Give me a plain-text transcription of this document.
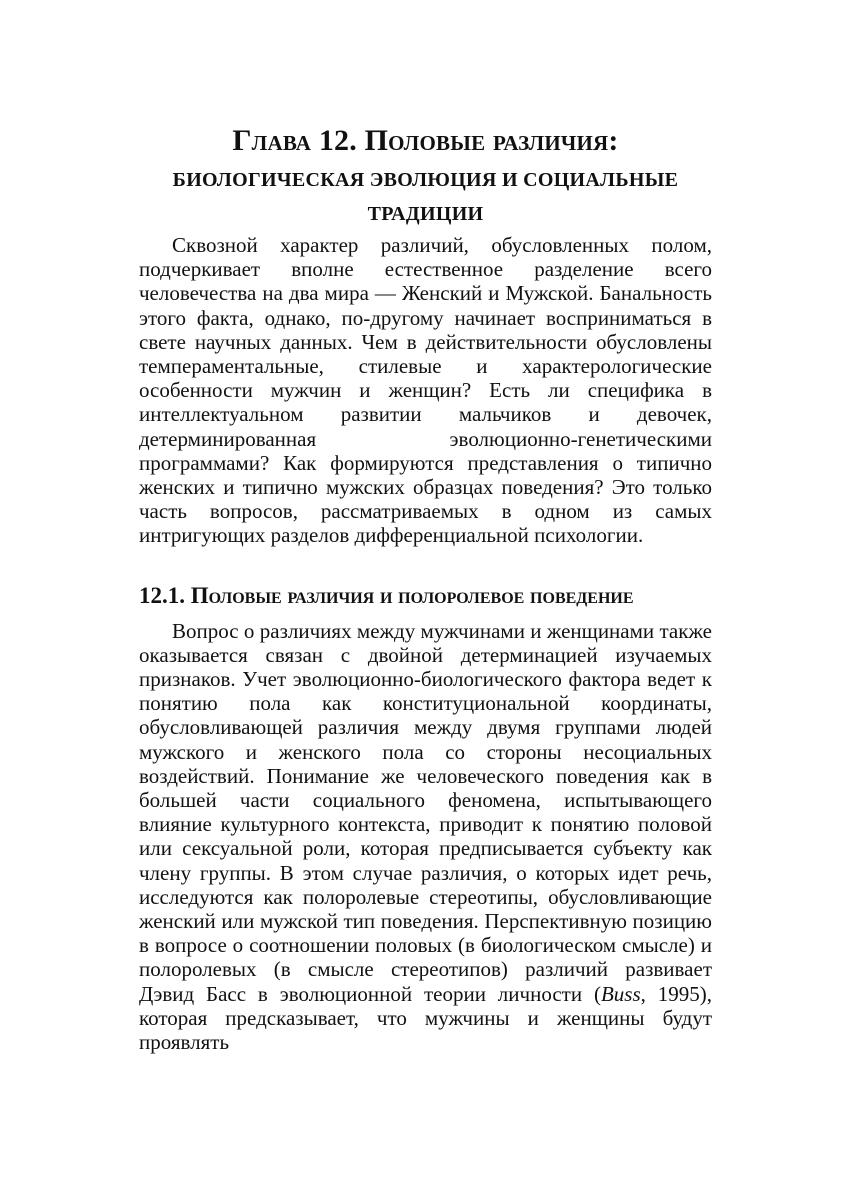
Глава 12. Половые различия:
БИОЛОГИЧЕСКАЯ ЭВОЛЮЦИЯ И СОЦИАЛЬНЫЕ
ТРАДИЦИИ

Сквозной характер различий, обусловленных полом, подчеркивает вполне естественное разделение всего человечества на два мира — Женский и Мужской. Банальность этого факта, однако, по-другому начинает восприниматься в свете научных данных. Чем в действительности обусловлены темпераментальные, стилевые и характерологические особенности мужчин и женщин? Есть ли специфика в интеллектуальном развитии мальчиков и девочек, детерминированная эволюционно-генетическими программами? Как формируются представления о типично женских и типично мужских образцах поведения? Это только часть вопросов, рассматриваемых в одном из самых интригующих разделов дифференциальной психологии.

12.1. Половые различия и полоролевое поведение

Вопрос о различиях между мужчинами и женщинами также оказывается связан с двойной детерминацией изучаемых признаков. Учет эволюционно-биологического фактора ведет к понятию пола как конституциональной координаты, обусловливающей различия между двумя группами людей мужского и женского пола со стороны несоциальных воздействий. Понимание же человеческого поведения как в большей части социального феномена, испытывающего влияние культурного контекста, приводит к понятию половой или сексуальной роли, которая предписывается субъекту как члену группы. В этом случае различия, о которых идет речь, исследуются как полоролевые стереотипы, обусловливающие женский или мужской тип поведения. Перспективную позицию в вопросе о соотношении половых (в биологическом смысле) и полоролевых (в смысле стереотипов) различий развивает Дэвид Басс в эволюционной теории личности (Buss, 1995), которая предсказывает, что мужчины и женщины будут проявлять
